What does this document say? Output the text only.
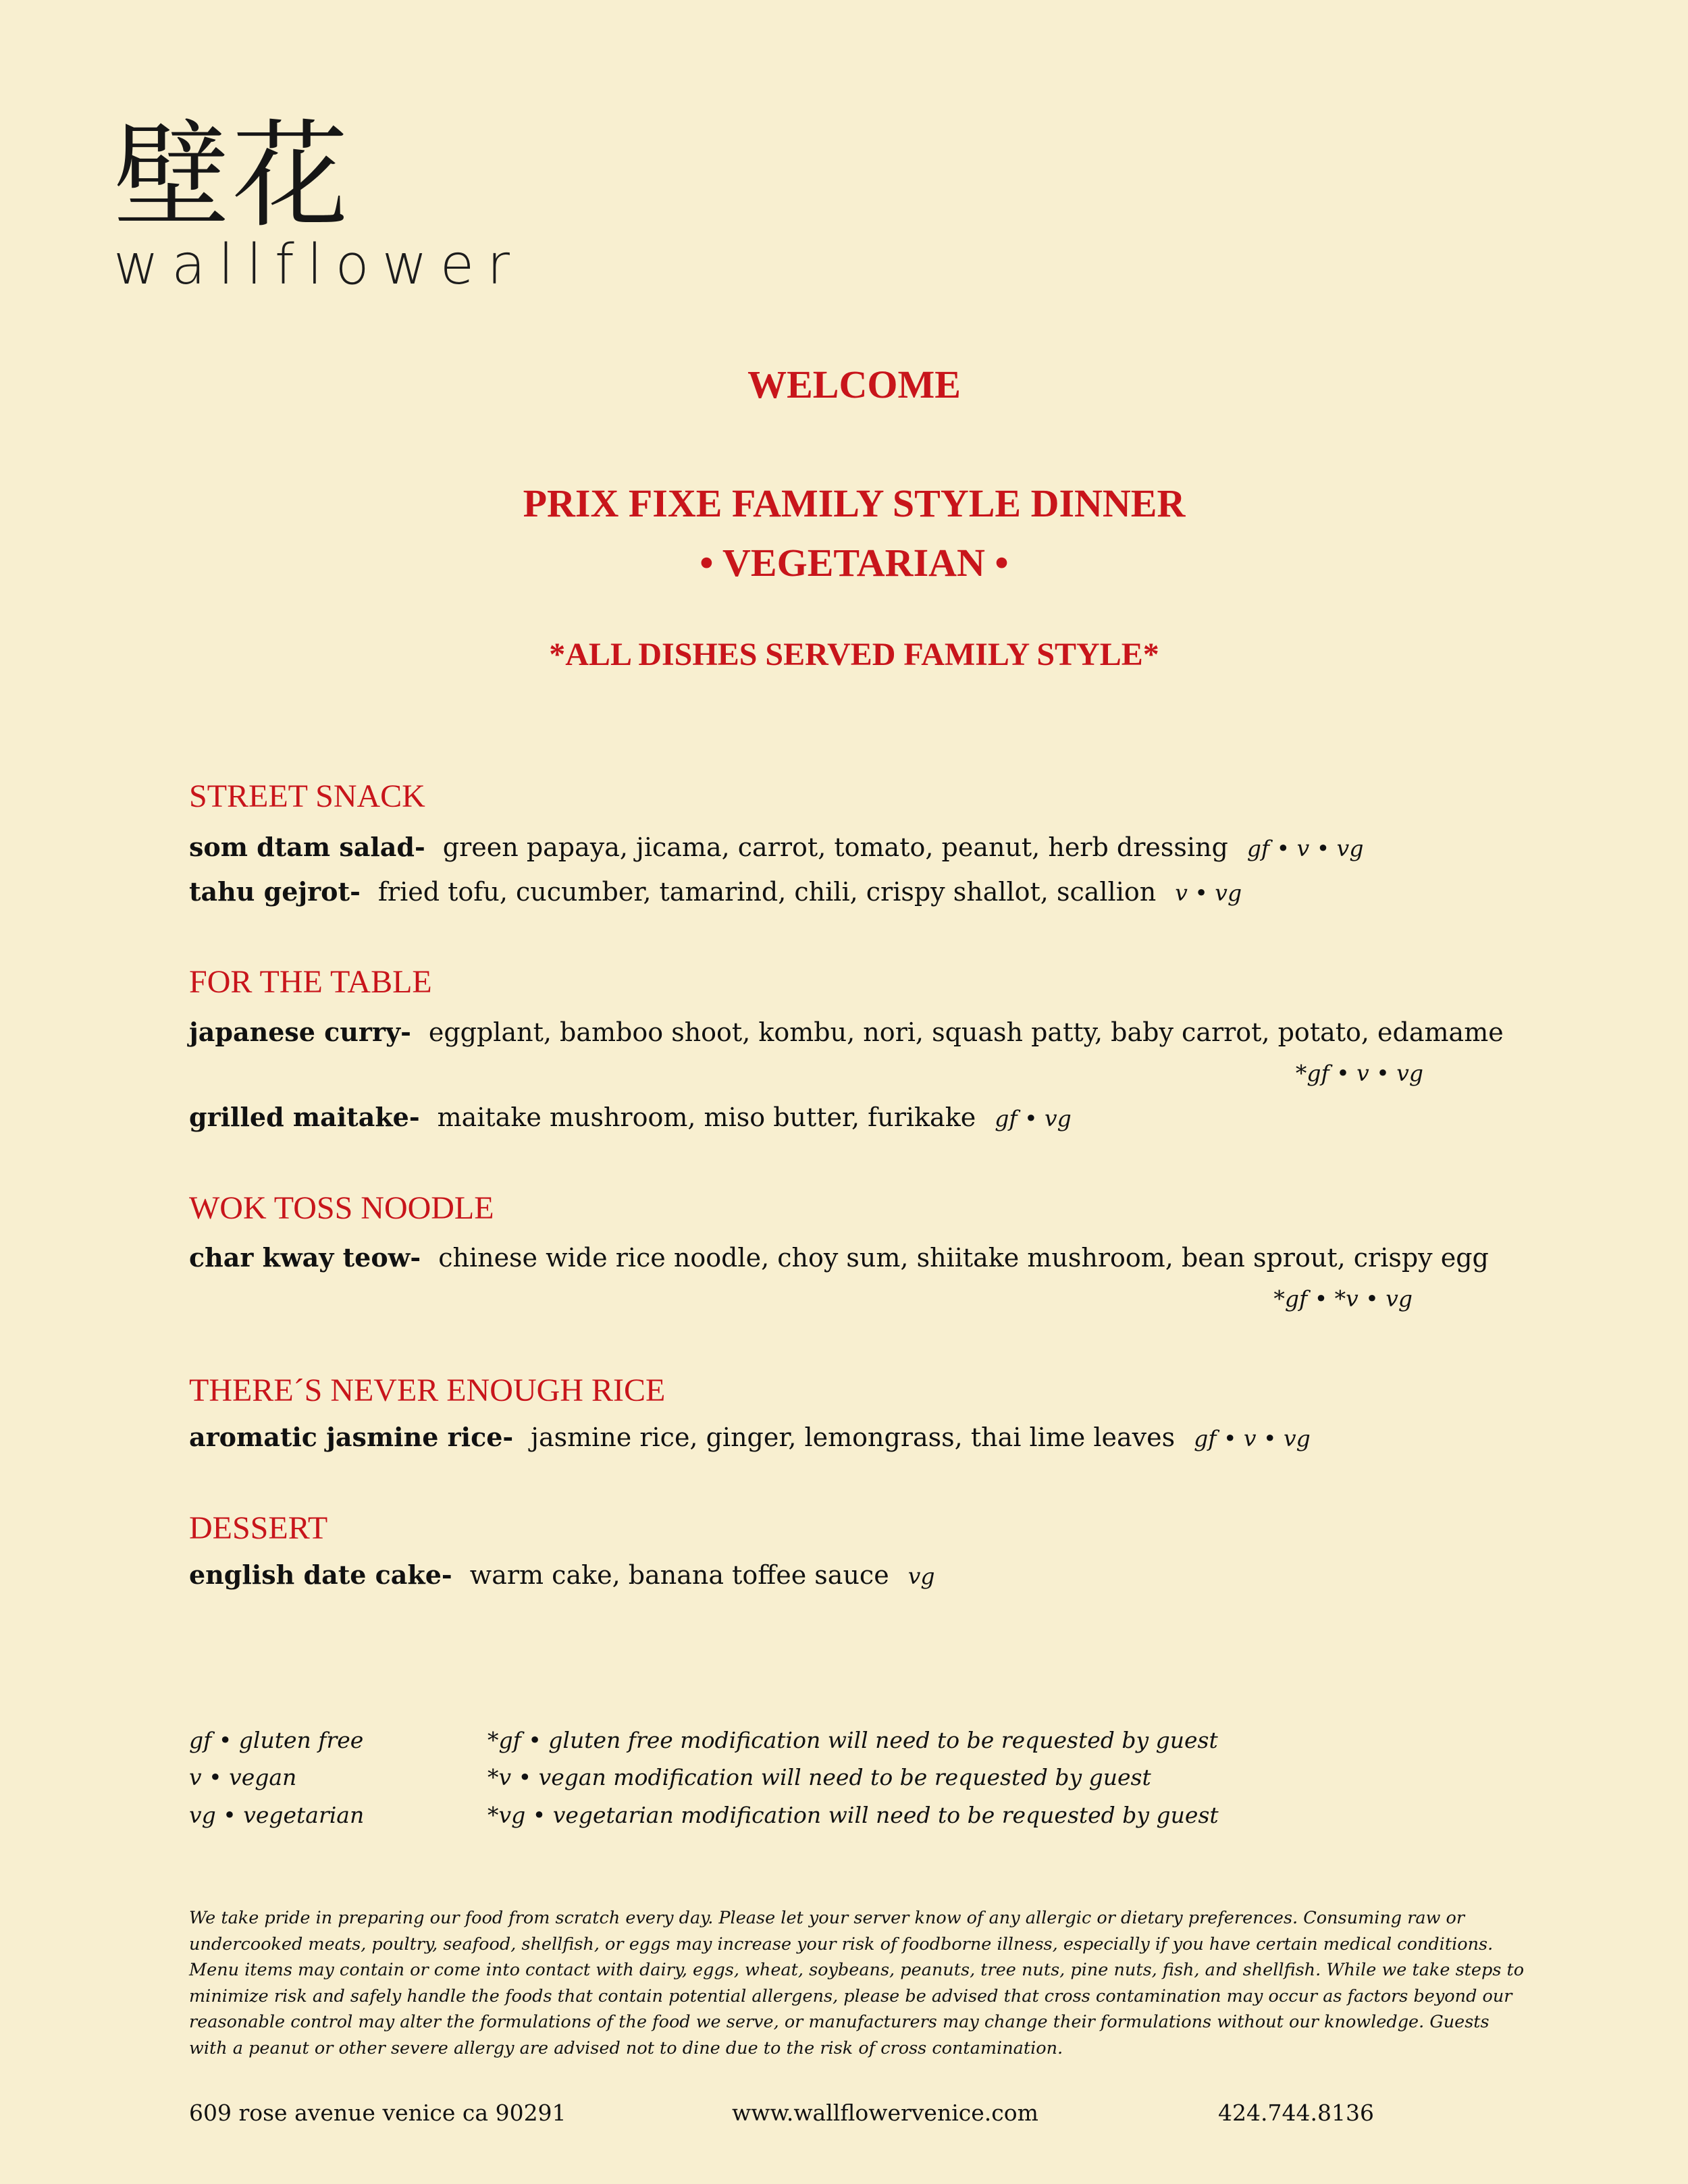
壁花
wallflower
WELCOME
PRIX FIXE FAMILY STYLE DINNER
• VEGETARIAN •
*ALL DISHES SERVED FAMILY STYLE*
STREET SNACK
som dtam salad- green papaya, jicama, carrot, tomato, peanut, herb dressing gf • v • vg
tahu gejrot- fried tofu, cucumber, tamarind, chili, crispy shallot, scallion v • vg
FOR THE TABLE
japanese curry- eggplant, bamboo shoot, kombu, nori, squash patty, baby carrot, potato, edamame
*gf • v • vg
grilled maitake- maitake mushroom, miso butter, furikake gf • vg
WOK TOSS NOODLE
char kway teow- chinese wide rice noodle, choy sum, shiitake mushroom, bean sprout, crispy egg
*gf • *v • vg
THERE´S NEVER ENOUGH RICE
aromatic jasmine rice- jasmine rice, ginger, lemongrass, thai lime leaves gf • v • vg
DESSERT
english date cake- warm cake, banana toffee sauce vg
gf • gluten free
v • vegan
vg • vegetarian
*gf • gluten free modification will need to be requested by guest
*v • vegan modification will need to be requested by guest
*vg • vegetarian modification will need to be requested by guest

We take pride in preparing our food from scratch every day. Please let your server know of any allergic or dietary preferences. Consuming raw or undercooked meats, poultry, seafood, shellfish, or eggs may increase your risk of foodborne illness, especially if you have certain medical conditions. Menu items may contain or come into contact with dairy, eggs, wheat, soybeans, peanuts, tree nuts, pine nuts, fish, and shellfish. While we take steps to minimize risk and safely handle the foods that contain potential allergens, please be advised that cross contamination may occur as factors beyond our reasonable control may alter the formulations of the food we serve, or manufacturers may change their formulations without our knowledge. Guests with a peanut or other severe allergy are advised not to dine due to the risk of cross contamination.

609 rose avenue venice ca 90291	www.wallflowervenice.com	424.744.8136
